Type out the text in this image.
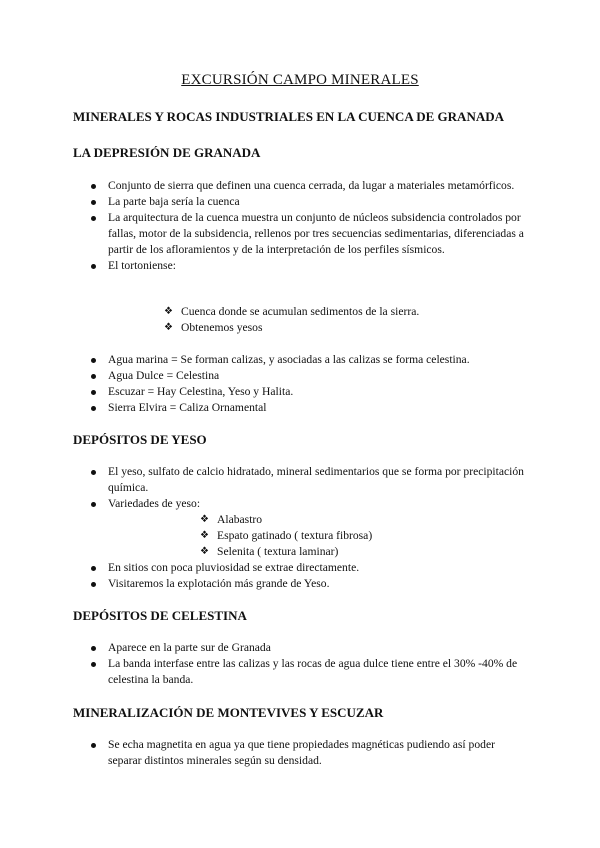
EXCURSIÓN CAMPO MINERALES
MINERALES Y ROCAS INDUSTRIALES EN LA CUENCA DE GRANADA
LA DEPRESIÓN DE GRANADA
Conjunto de sierra que definen una cuenca cerrada, da lugar a materiales metamórficos.
La parte baja sería la cuenca
La arquitectura de la cuenca muestra un conjunto de núcleos subsidencia controlados por fallas, motor de la subsidencia, rellenos por tres secuencias sedimentarias, diferenciadas a partir de los afloramientos y de la interpretación de los perfiles sísmicos.
El tortoniense:
❖ Cuenca donde se acumulan sedimentos de la sierra.
❖ Obtenemos yesos
Agua marina = Se forman calizas, y asociadas a las calizas se forma celestina.
Agua Dulce = Celestina
Escuzar = Hay Celestina, Yeso y Halita.
Sierra Elvira = Caliza Ornamental
DEPÓSITOS DE YESO
El yeso, sulfato de calcio hidratado, mineral sedimentarios que se forma por precipitación química.
Variedades de yeso:
❖ Alabastro
❖ Espato gatinado ( textura fibrosa)
❖ Selenita ( textura laminar)
En sitios con poca pluviosidad se extrae directamente.
Visitaremos la explotación más grande de Yeso.
DEPÓSITOS DE CELESTINA
Aparece en la parte sur de Granada
La banda interfase entre las calizas y las rocas de agua dulce tiene entre el 30% -40% de celestina la banda.
MINERALIZACIÓN DE MONTEVIVES Y ESCUZAR
Se echa magnetita en agua ya que tiene propiedades magnéticas pudiendo así poder separar distintos minerales según su densidad.
